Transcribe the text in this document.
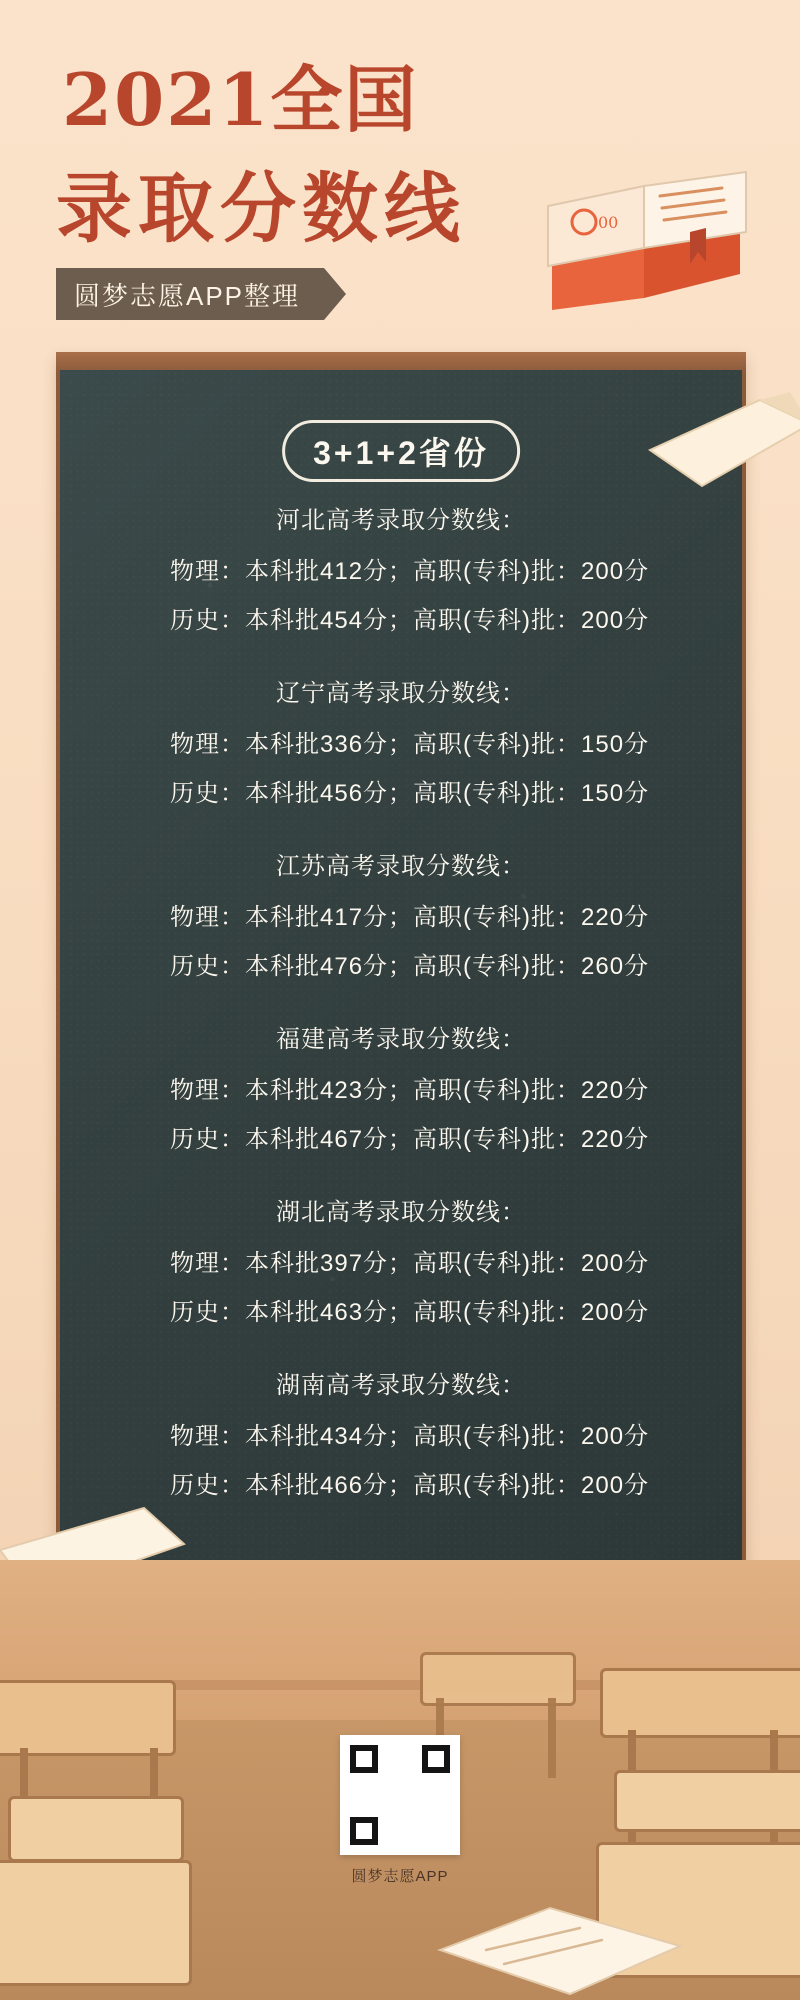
2021全国
录取分数线
圆梦志愿APP整理
00
3+1+2省份
河北高考录取分数线：
物理：本科批412分；高职(专科)批：200分
历史：本科批454分；高职(专科)批：200分
辽宁高考录取分数线：
物理：本科批336分；高职(专科)批：150分
历史：本科批456分；高职(专科)批：150分
江苏高考录取分数线：
物理：本科批417分；高职(专科)批：220分
历史：本科批476分；高职(专科)批：260分
福建高考录取分数线：
物理：本科批423分；高职(专科)批：220分
历史：本科批467分；高职(专科)批：220分
湖北高考录取分数线：
物理：本科批397分；高职(专科)批：200分
历史：本科批463分；高职(专科)批：200分
湖南高考录取分数线：
物理：本科批434分；高职(专科)批：200分
历史：本科批466分；高职(专科)批：200分
圆梦志愿APP
